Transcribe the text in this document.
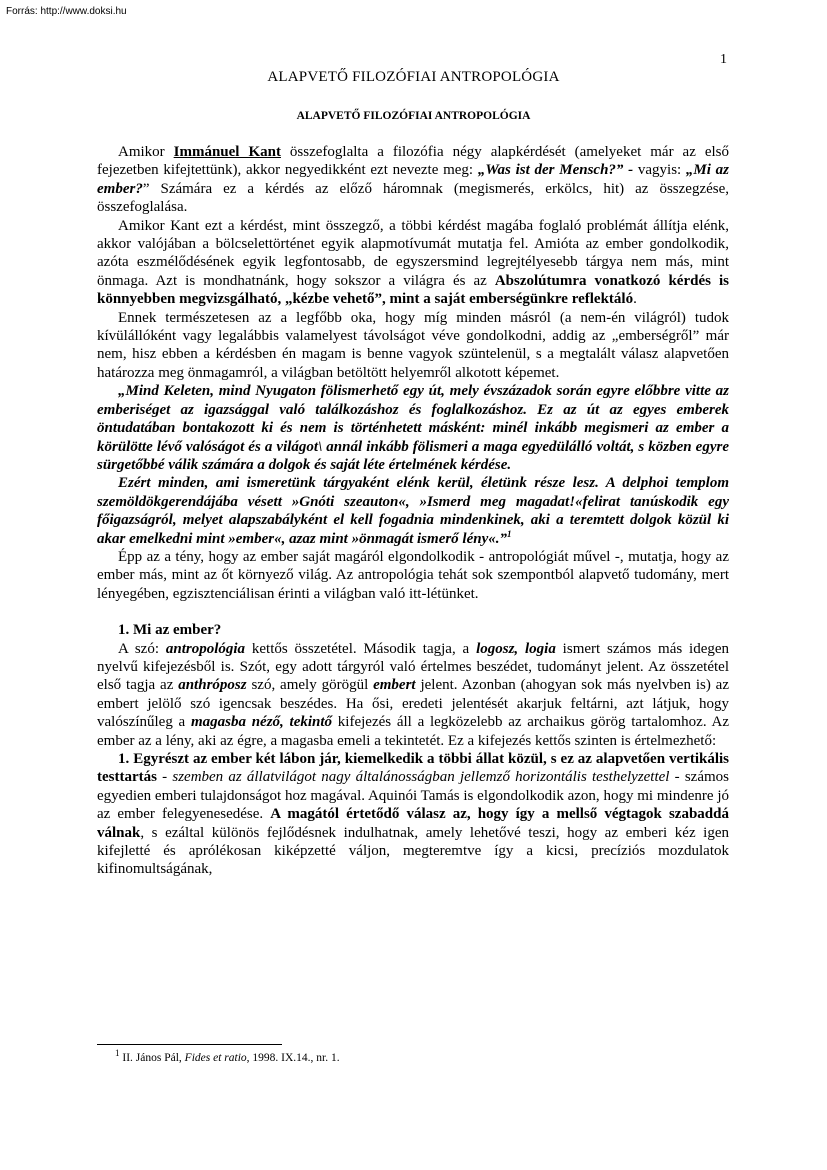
Forrás: http://www.doksi.hu
1
ALAPVETŐ FILOZÓFIAI ANTROPOLÓGIA
ALAPVETŐ FILOZÓFIAI ANTROPOLÓGIA

Amikor Immánuel Kant összefoglalta a filozófia négy alapkérdését (amelyeket már az első fejezetben kifejtettünk), akkor negyedikként ezt nevezte meg: „Was ist der Mensch?” - vagyis: „Mi az ember?” Számára ez a kérdés az előző háromnak (megismerés, erkölcs, hit) az összegzése, összefoglalása.

Amikor Kant ezt a kérdést, mint összegző, a többi kérdést magába foglaló problémát állítja elénk, akkor valójában a bölcselettörténet egyik alapmotívumát mutatja fel. Amióta az ember gondolkodik, azóta eszmélődésének egyik legfontosabb, de egyszersmind legrejtélyesebb tárgya nem más, mint önmaga. Azt is mondhatnánk, hogy sokszor a világra és az Abszolútumra vonatkozó kérdés is könnyebben megvizsgálható, „kézbe vehető”, mint a saját emberségünkre reflektáló.

Ennek természetesen az a legfőbb oka, hogy míg minden másról (a nem-én világról) tudok kívülállóként vagy legalábbis valamelyest távolságot véve gondolkodni, addig az „emberségről” már nem, hisz ebben a kérdésben én magam is benne vagyok szüntelenül, s a megtalált válasz alapvetően határozza meg önmagamról, a világban betöltött helyemről alkotott képemet.

„Mind Keleten, mind Nyugaton fölismerhető egy út, mely évszázadok során egyre előbbre vitte az emberiséget az igazsággal való találkozáshoz és foglalkozáshoz. Ez az út az egyes emberek öntudatában bontakozott ki és nem is történhetett másként: minél inkább megismeri az ember a körülötte lévő valóságot és a világot\ annál inkább fölismeri a maga egyedülálló voltát, s közben egyre sürgetőbbé válik számára a dolgok és saját léte értelmének kérdése.

Ezért minden, ami ismeretünk tárgyaként elénk kerül, életünk része lesz. A delphoi templom szemöldökgerendájába vésett »Gnóti szeauton«, »Ismerd meg magadat!«felirat tanúskodik egy főigazságról, melyet alapszabályként el kell fogadnia mindenkinek, aki a teremtett dolgok közül ki akar emelkedni mint »ember«, azaz mint »önmagát ismerő lény«.”$^1$

Épp az a tény, hogy az ember saját magáról elgondolkodik - antropológiát művel -, mutatja, hogy az ember más, mint az őt környező világ. Az antropológia tehát sok szempontból alapvető tudomány, mert lényegében, egzisztenciálisan érinti a világban való itt-létünket.

1. Mi az ember?

A szó: antropológia kettős összetétel. Második tagja, a logosz, logia ismert számos más idegen nyelvű kifejezésből is. Szót, egy adott tárgyról való értelmes beszédet, tudományt jelent. Az összetétel első tagja az anthróposz szó, amely görögül embert jelent. Azonban (ahogyan sok más nyelvben is) az embert jelölő szó igencsak beszédes. Ha ősi, eredeti jelentését akarjuk feltárni, azt látjuk, hogy valószínűleg a magasba néző, tekintő kifejezés áll a legközelebb az archaikus görög tartalomhoz. Az ember az a lény, aki az égre, a magasba emeli a tekintetét. Ez a kifejezés kettős szinten is értelmezhető:

1. Egyrészt az ember két lábon jár, kiemelkedik a többi állat közül, s ez az alapvetően vertikális testtartás - szemben az állatvilágot nagy általánosságban jellemző horizontális testhelyzettel - számos egyedien emberi tulajdonságot hoz magával. Aquinói Tamás is elgondolkodik azon, hogy mi mindenre jó az ember felegyenesedése. A magától értetődő válasz az, hogy így a mellső végtagok szabaddá válnak, s ezáltal különös fejlődésnek indulhatnak, amely lehetővé teszi, hogy az emberi kéz igen kifejletté és aprólékosan kiképzetté váljon, megteremtve így a kicsi, precíziós mozdulatok kifinomultságának,

$^1$ II. János Pál, Fides et ratio, 1998. IX.14., nr. 1.
